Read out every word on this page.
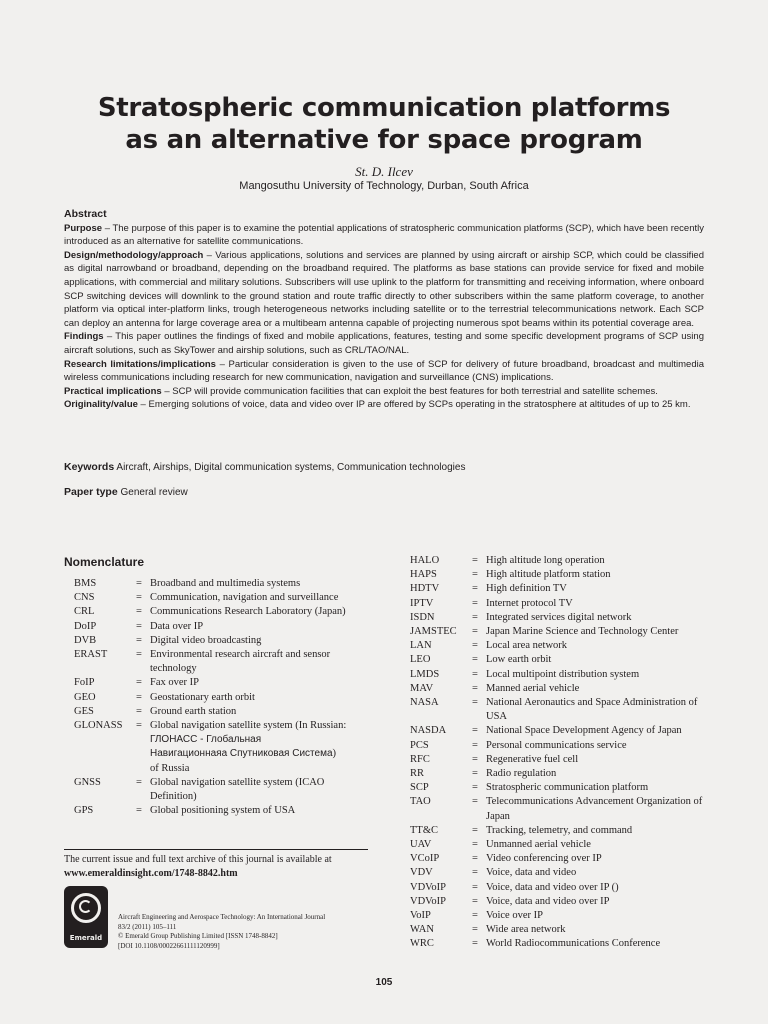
Stratospheric communication platforms
as an alternative for space program
St. D. Ilcev
Mangosuthu University of Technology, Durban, South Africa
Abstract

Purpose – The purpose of this paper is to examine the potential applications of stratospheric communication platforms (SCP), which have been recently introduced as an alternative for satellite communications.

Design/methodology/approach – Various applications, solutions and services are planned by using aircraft or airship SCP, which could be classified as digital narrowband or broadband, depending on the broadband required. The platforms as base stations can provide service for fixed and mobile applications, with commercial and military solutions. Subscribers will use uplink to the platform for transmitting and receiving information, where onboard SCP switching devices will downlink to the ground station and route traffic directly to other subscribers within the same platform coverage, to another platform via optical inter-platform links, trough heterogeneous networks including satellite or to the terrestrial telecommunications network. Each SCP can deploy an antenna for large coverage area or a multibeam antenna capable of projecting numerous spot beams within its potential coverage area.

Findings – This paper outlines the findings of fixed and mobile applications, features, testing and some specific development programs of SCP using aircraft solutions, such as SkyTower and airship solutions, such as CRL/TAO/NAL.

Research limitations/implications – Particular consideration is given to the use of SCP for delivery of future broadband, broadcast and multimedia wireless communications including research for new communication, navigation and surveillance (CNS) implications.

Practical implications – SCP will provide communication facilities that can exploit the best features for both terrestrial and satellite schemes.

Originality/value – Emerging solutions of voice, data and video over IP are offered by SCPs operating in the stratosphere at altitudes of up to 25 km.

Keywords Aircraft, Airships, Digital communication systems, Communication technologies
Paper type General review
Nomenclature
BMS	=	Broadband and multimedia systems
CNS	=	Communication, navigation and surveillance
CRL	=	Communications Research Laboratory (Japan)
DoIP	=	Data over IP
DVB	=	Digital video broadcasting
ERAST	=	Environmental research aircraft and sensor technology
FoIP	=	Fax over IP
GEO	=	Geostationary earth orbit
GES	=	Ground earth station
GLONASS	=	Global navigation satellite system (In Russian:
ГЛОНАСС - Глобальная
Навигационнаяа Спутниковая Система)
of Russia
GNSS	=	Global navigation satellite system (ICAO Definition)
GPS	=	Global positioning system of USA
HALO	=	High altitude long operation
HAPS	=	High altitude platform station
HDTV	=	High definition TV
IPTV	=	Internet protocol TV
ISDN	=	Integrated services digital network
JAMSTEC	=	Japan Marine Science and Technology Center
LAN	=	Local area network
LEO	=	Low earth orbit
LMDS	=	Local multipoint distribution system
MAV	=	Manned aerial vehicle
NASA	=	National Aeronautics and Space Administration of USA
NASDA	=	National Space Development Agency of Japan
PCS	=	Personal communications service
RFC	=	Regenerative fuel cell
RR	=	Radio regulation
SCP	=	Stratospheric communication platform
TAO	=	Telecommunications Advancement Organization of Japan
TT&C	=	Tracking, telemetry, and command
UAV	=	Unmanned aerial vehicle
VCoIP	=	Video conferencing over IP
VDV	=	Voice, data and video
VDVoIP	=	Voice, data and video over IP ()
VDVoIP	=	Voice, data and video over IP
VoIP	=	Voice over IP
WAN	=	Wide area network
WRC	=	World Radiocommunications Conference
The current issue and full text archive of this journal is available at
www.emeraldinsight.com/1748-8842.htm
Emerald
Aircraft Engineering and Aerospace Technology: An International Journal
83/2 (2011) 105–111
© Emerald Group Publishing Limited [ISSN 1748-8842]
[DOI 10.1108/00022661111120999]
105
